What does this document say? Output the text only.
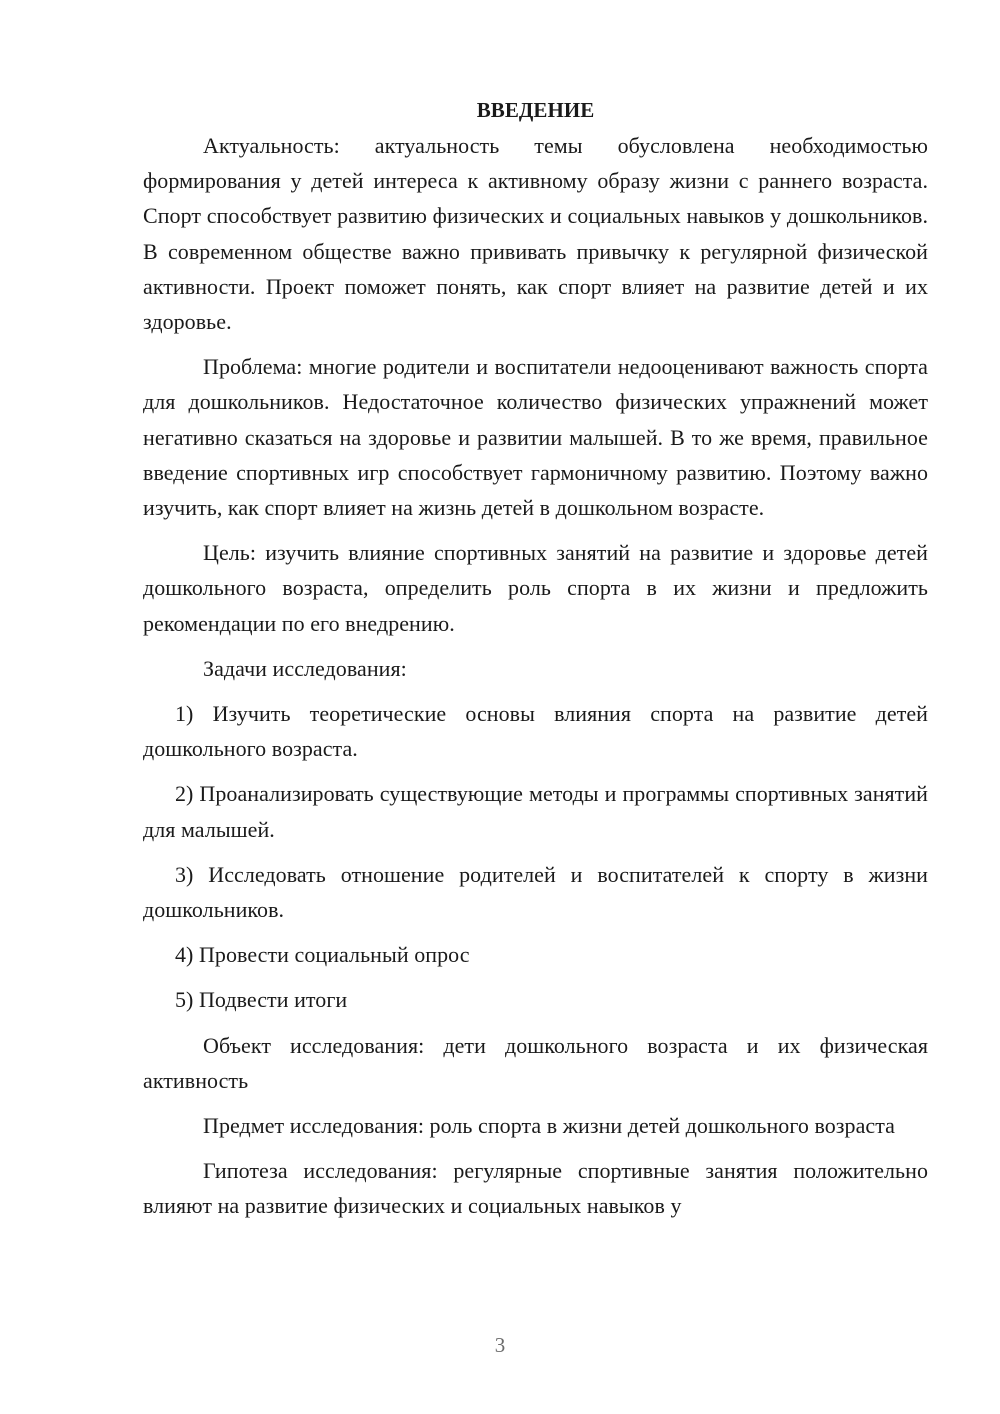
ВВЕДЕНИЕ

Актуальность: актуальность темы обусловлена необходимостью формирования у детей интереса к активному образу жизни с раннего возраста. Спорт способствует развитию физических и социальных навыков у дошкольников. В современном обществе важно прививать привычку к регулярной физической активности. Проект поможет понять, как спорт влияет на развитие детей и их здоровье.

Проблема: многие родители и воспитатели недооценивают важность спорта для дошкольников. Недостаточное количество физических упражнений может негативно сказаться на здоровье и развитии малышей. В то же время, правильное введение спортивных игр способствует гармоничному развитию. Поэтому важно изучить, как спорт влияет на жизнь детей в дошкольном возрасте.

Цель: изучить влияние спортивных занятий на развитие и здоровье детей дошкольного возраста, определить роль спорта в их жизни и предложить рекомендации по его внедрению.

Задачи исследования:

1) Изучить теоретические основы влияния спорта на развитие детей дошкольного возраста.

2) Проанализировать существующие методы и программы спортивных занятий для малышей.

3) Исследовать отношение родителей и воспитателей к спорту в жизни дошкольников.

4) Провести социальный опрос

5) Подвести итоги

Объект исследования: дети дошкольного возраста и их физическая активность

Предмет исследования: роль спорта в жизни детей дошкольного возраста

Гипотеза исследования: регулярные спортивные занятия положительно влияют на развитие физических и социальных навыков у

3
